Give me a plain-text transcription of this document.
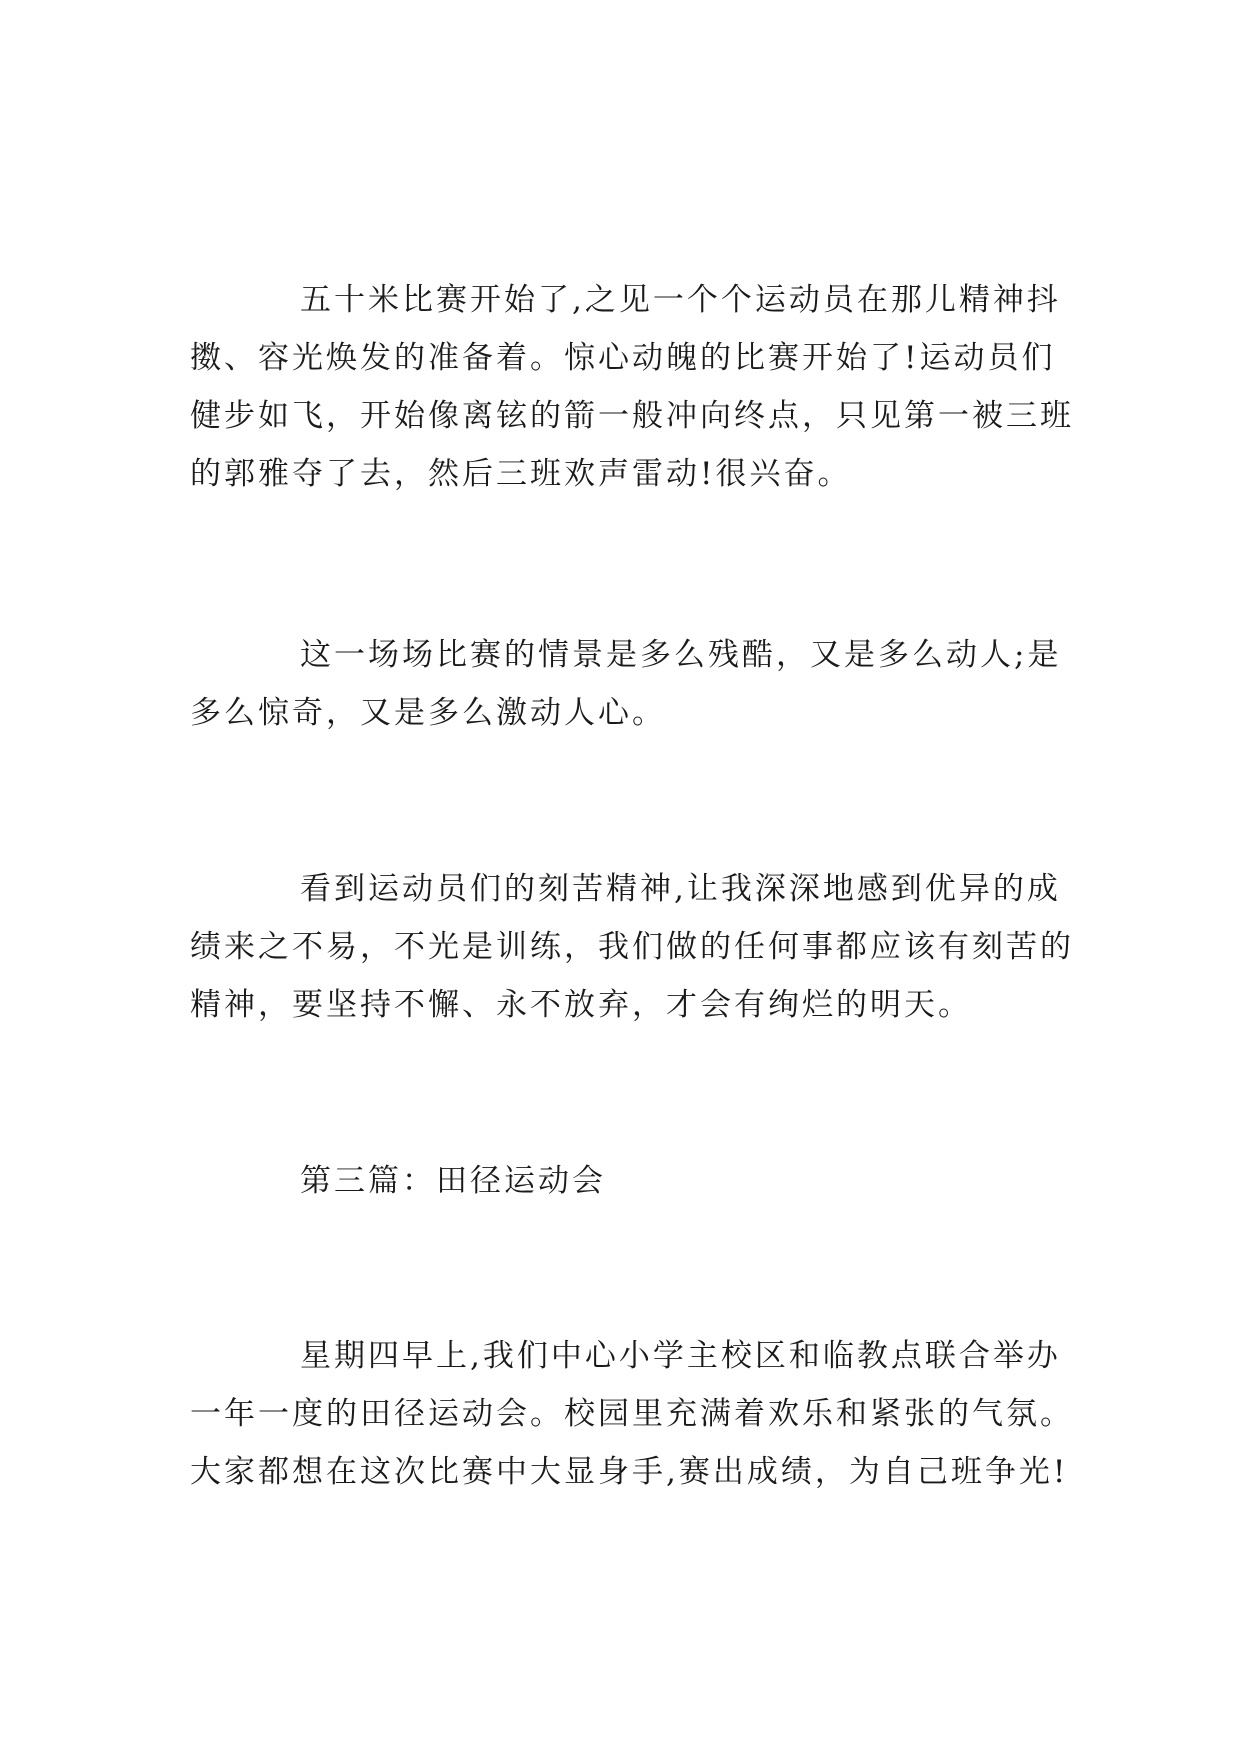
五十米比赛开始了,之见一个个运动员在那儿精神抖
擞、容光焕发的准备着。惊心动魄的比赛开始了!运动员们
健步如飞，开始像离铉的箭一般冲向终点，只见第一被三班
的郭雅夺了去，然后三班欢声雷动!很兴奋。
这一场场比赛的情景是多么残酷，又是多么动人;是
多么惊奇，又是多么激动人心。
看到运动员们的刻苦精神,让我深深地感到优异的成
绩来之不易，不光是训练，我们做的任何事都应该有刻苦的
精神，要坚持不懈、永不放弃，才会有绚烂的明天。
第三篇：田径运动会
星期四早上,我们中心小学主校区和临教点联合举办
一年一度的田径运动会。校园里充满着欢乐和紧张的气氛。
大家都想在这次比赛中大显身手,赛出成绩，为自己班争光!
